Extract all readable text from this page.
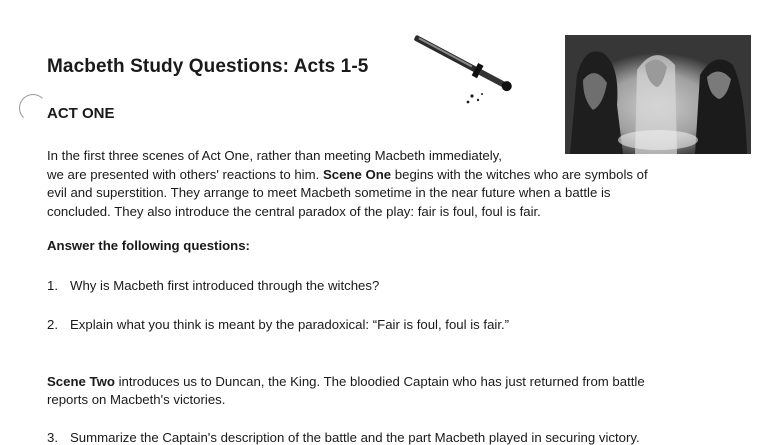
Macbeth Study Questions: Acts 1-5
ACT ONE
In the first three scenes of Act One, rather than meeting Macbeth immediately,
we are presented with others' reactions to him. Scene One begins with the witches who are symbols of
evil and superstition. They arrange to meet Macbeth sometime in the near future when a battle is
concluded. They also introduce the central paradox of the play: fair is foul, foul is fair.
Answer the following questions:
1. Why is Macbeth first introduced through the witches?
2. Explain what you think is meant by the paradoxical: “Fair is foul, foul is fair.”
Scene Two introduces us to Duncan, the King. The bloodied Captain who has just returned from battle
reports on Macbeth's victories.
3. Summarize the Captain's description of the battle and the part Macbeth played in securing victory.
